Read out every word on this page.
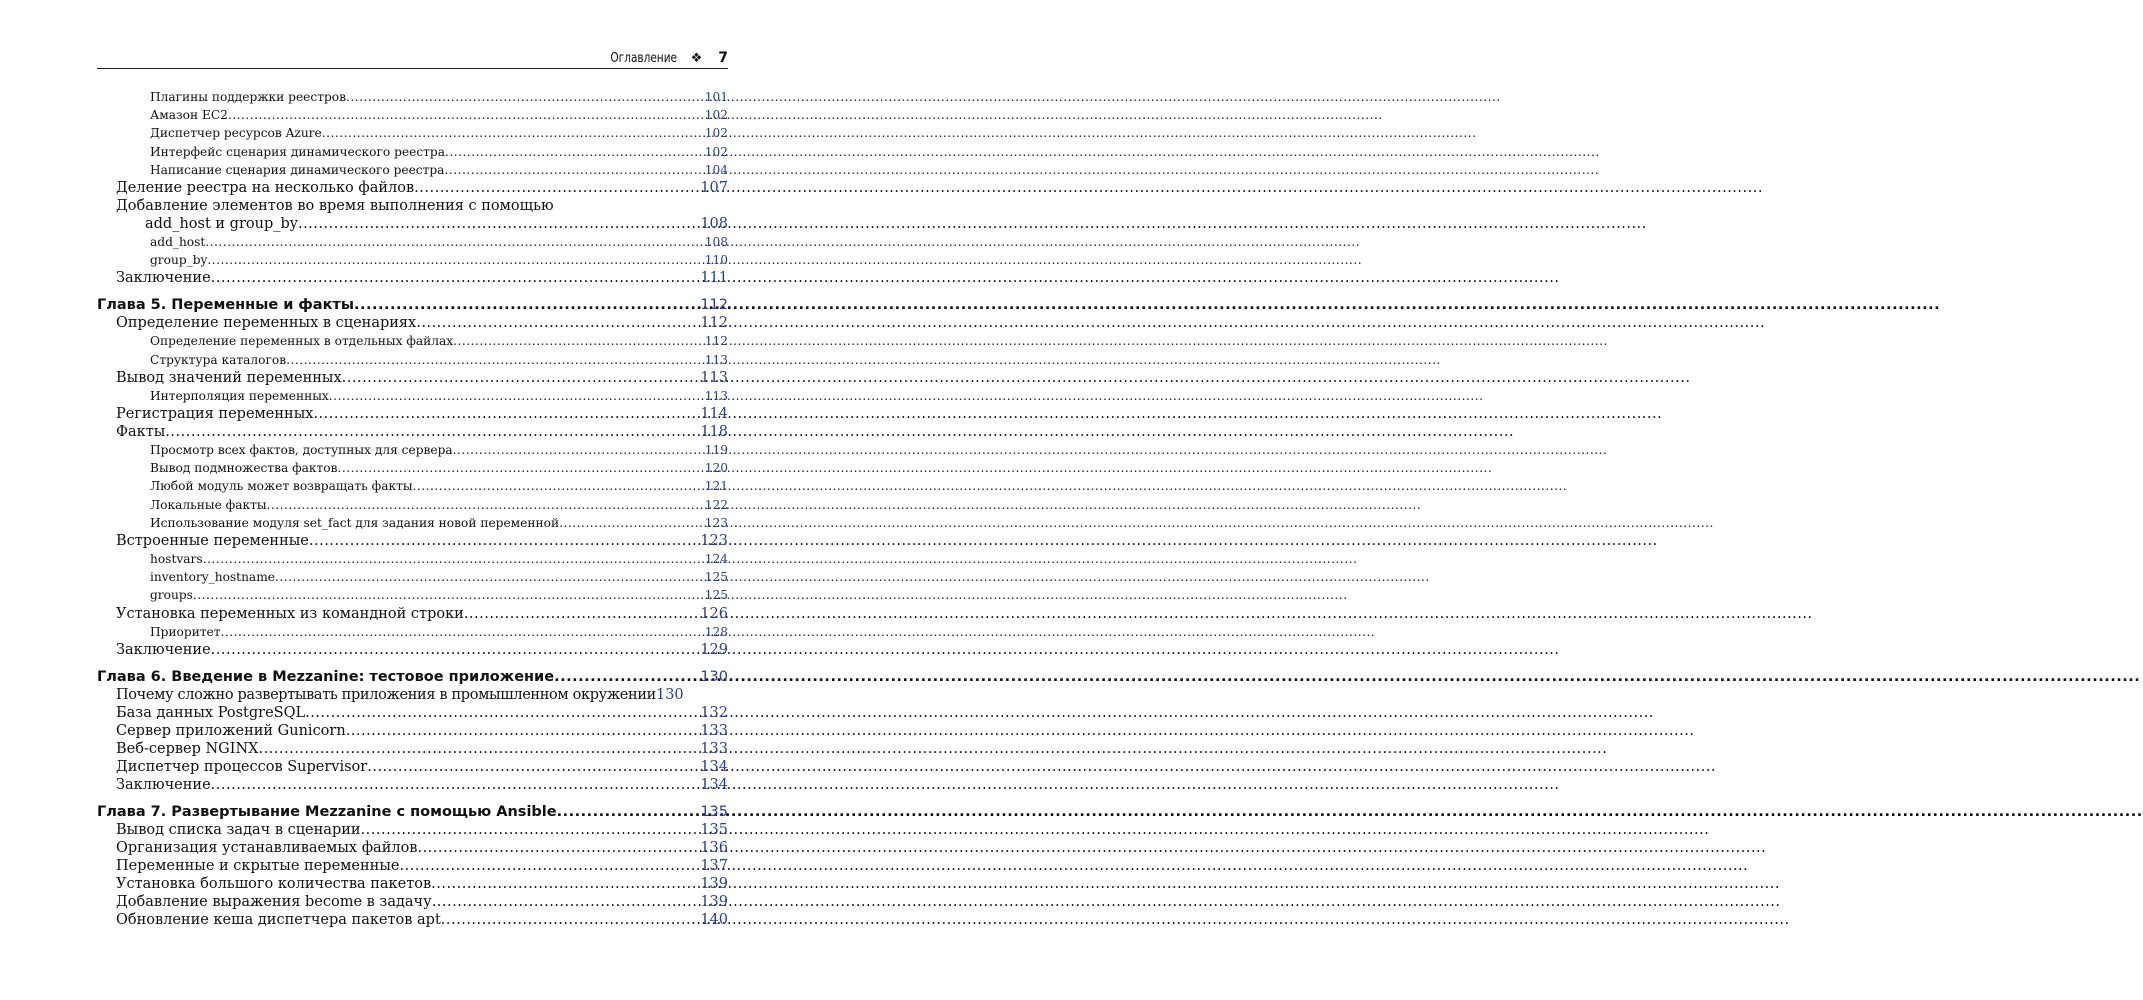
Оглавление ❖ 7
Плагины поддержки реестров .....	101
Амазон EC2 .....	102
Диспетчер ресурсов Azure .....	102
Интерфейс сценария динамического реестра .....	102
Написание сценария динамического реестра .....	104
Деление реестра на несколько файлов .....	107
Добавление элементов во время выполнения с помощью
add_host и group_by .....	108
add_host .....	108
group_by .....	110
Заключение .....	111
Глава 5. Переменные и факты .....	112
Определение переменных в сценариях .....	112
Определение переменных в отдельных файлах .....	112
Структура каталогов .....	113
Вывод значений переменных .....	113
Интерполяция переменных .....	113
Регистрация переменных .....	114
Факты .....	118
Просмотр всех фактов, доступных для сервера .....	119
Вывод подмножества фактов .....	120
Любой модуль может возвращать факты .....	121
Локальные факты .....	122
Использование модуля set_fact для задания новой переменной .....	123
Встроенные переменные .....	123
hostvars .....	124
inventory_hostname .....	125
groups .....	125
Установка переменных из командной строки .....	126
Приоритет .....	128
Заключение .....	129
Глава 6. Введение в Mezzanine: тестовое приложение .....	130
Почему сложно развертывать приложения в промышленном окружении 130
База данных PostgreSQL .....	132
Сервер приложений Gunicorn .....	133
Веб-сервер NGINX .....	133
Диспетчер процессов Supervisor .....	134
Заключение .....	134
Глава 7. Развертывание Mezzanine с помощью Ansible .....	135
Вывод списка задач в сценарии .....	135
Организация устанавливаемых файлов .....	136
Переменные и скрытые переменные .....	137
Установка большого количества пакетов .....	139
Добавление выражения become в задачу .....	139
Обновление кеша диспетчера пакетов apt .....	140
